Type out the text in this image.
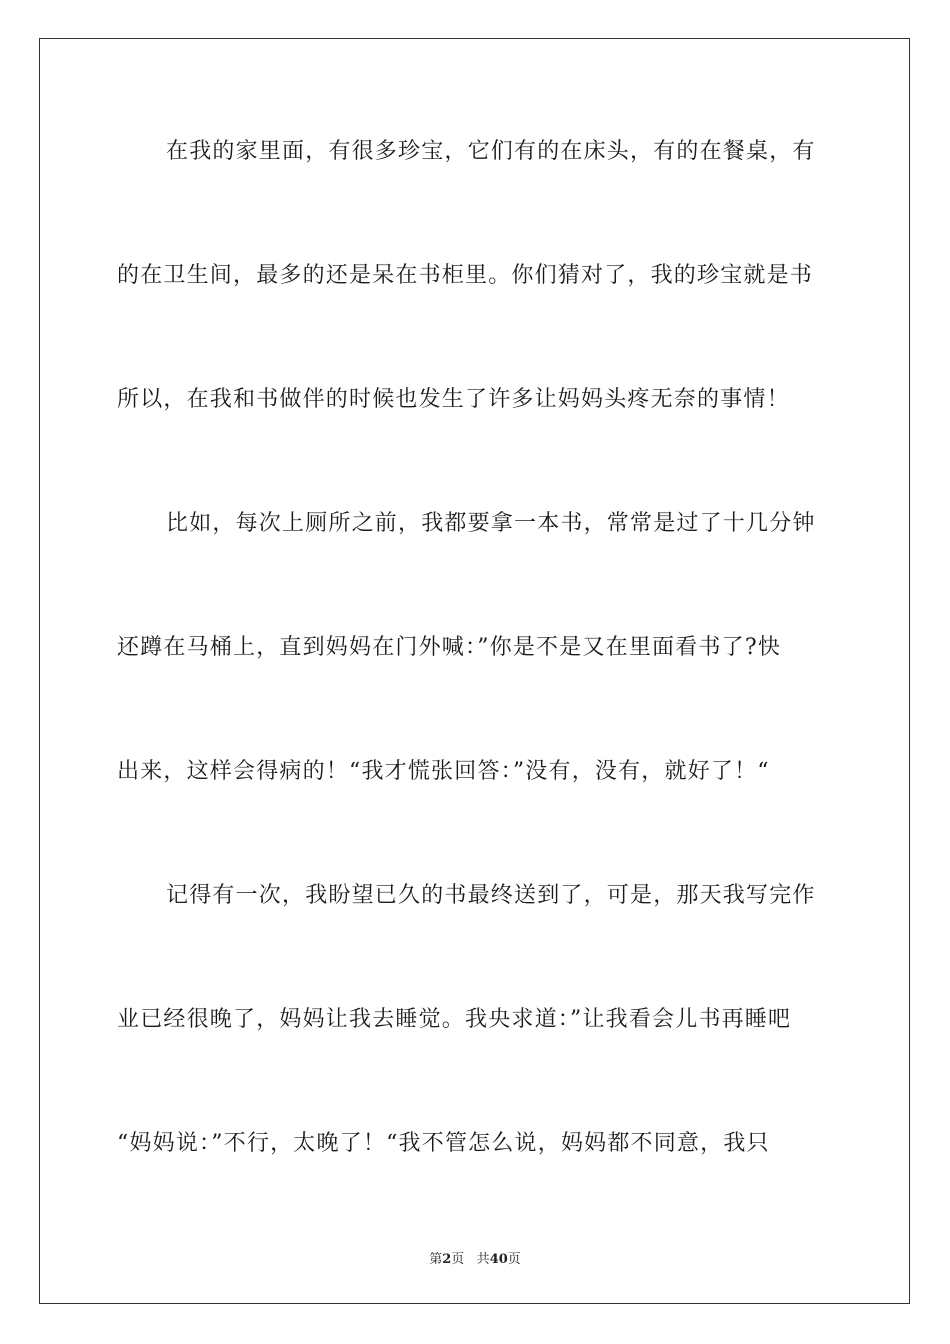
在我的家里面，有很多珍宝，它们有的在床头，有的在餐桌，有
的在卫生间，最多的还是呆在书柜里。你们猜对了，我的珍宝就是书
所以，在我和书做伴的时候也发生了许多让妈妈头疼无奈的事情！
比如，每次上厕所之前，我都要拿一本书，常常是过了十几分钟
还蹲在马桶上，直到妈妈在门外喊：”你是不是又在里面看书了?快
出来，这样会得病的！“我才慌张回答：”没有，没有，就好了！“
记得有一次，我盼望已久的书最终送到了，可是，那天我写完作
业已经很晚了，妈妈让我去睡觉。我央求道：”让我看会儿书再睡吧
“妈妈说：”不行，太晚了！“我不管怎么说，妈妈都不同意，我只
第2页 共40页
